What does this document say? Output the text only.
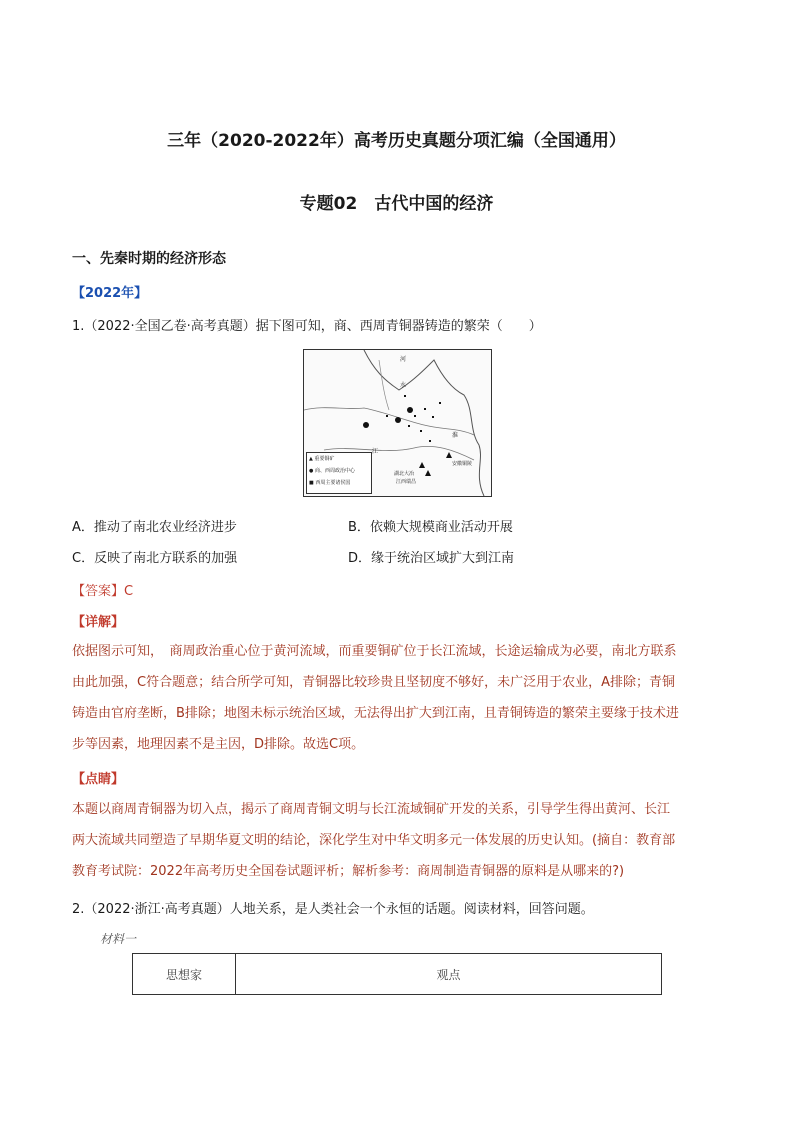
三年（2020-2022年）高考历史真题分项汇编（全国通用）
专题02　古代中国的经济
一、先秦时期的经济形态
【2022年】
1.（2022·全国乙卷·高考真题）据下图可知，商、西周青铜器铸造的繁荣（　　）
河
水
淮
江
安徽铜陵
江西瑞昌
湖北大冶
▲ 重要铜矿
● 商、西周政治中心
■ 西周主要诸侯国
A．推动了南北农业经济进步	B．依赖大规模商业活动开展
C．反映了南北方联系的加强	D．缘于统治区域扩大到江南
【答案】C
【详解】
依据图示可知，　商周政治重心位于黄河流域，而重要铜矿位于长江流域，长途运输成为必要，南北方联系
由此加强，C符合题意；结合所学可知，青铜器比较珍贵且坚韧度不够好，未广泛用于农业，A排除；青铜
铸造由官府垄断，B排除；地图未标示统治区域，无法得出扩大到江南，且青铜铸造的繁荣主要缘于技术进
步等因素，地理因素不是主因，D排除。故选C项。
【点睛】
本题以商周青铜器为切入点，揭示了商周青铜文明与长江流域铜矿开发的关系，引导学生得出黄河、长江
两大流域共同塑造了早期华夏文明的结论，深化学生对中华文明多元一体发展的历史认知。(摘自：教育部
教育考试院：2022年高考历史全国卷试题评析；解析参考：商周制造青铜器的原料是从哪来的?)
2.（2022·浙江·高考真题）人地关系，是人类社会一个永恒的话题。阅读材料，回答问题。
材料一
思想家	观点
